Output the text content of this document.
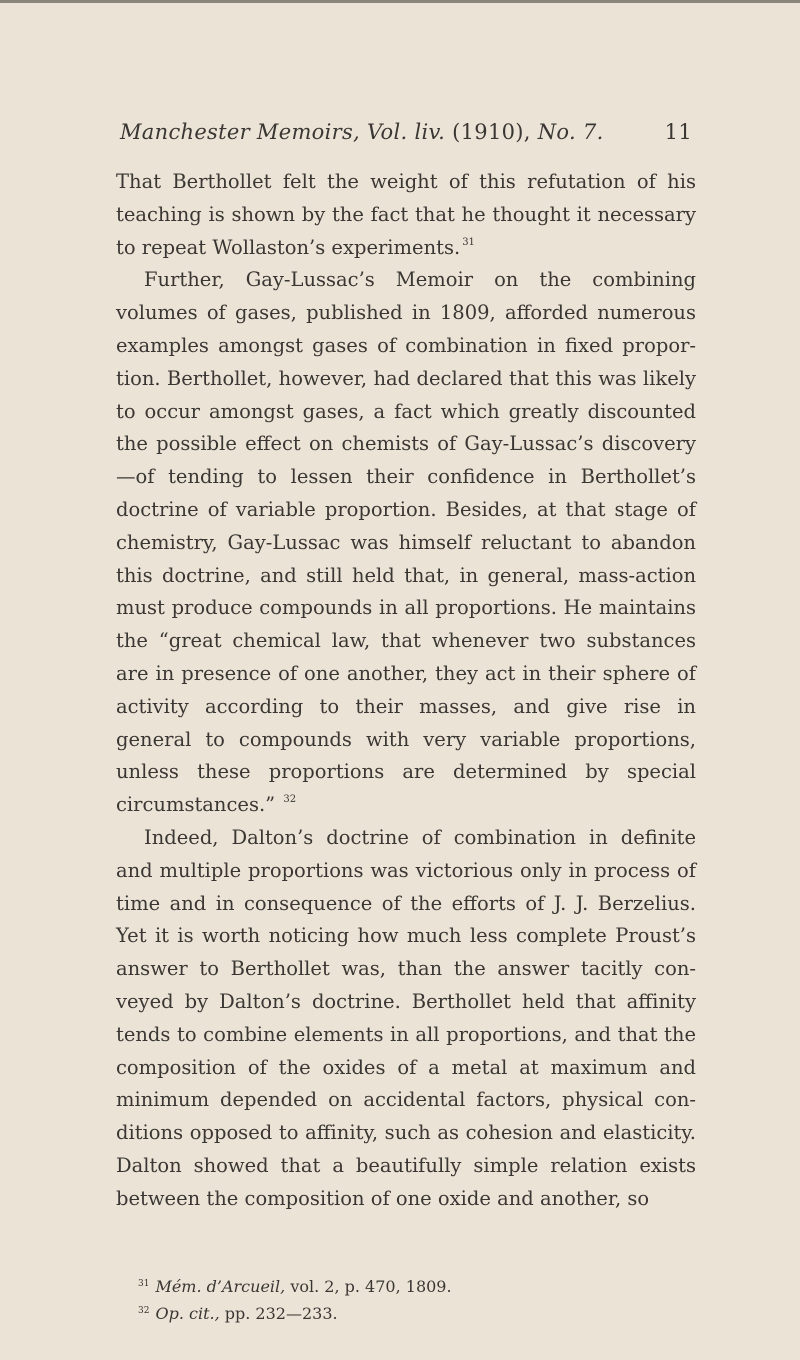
Manchester Memoirs, Vol. liv. (1910), No. 7.	11

That Berthollet felt the weight of this refutation of his teaching is shown by the fact that he thought it necessary to repeat Wollaston’s experiments. $^{31}$

Further, Gay-Lussac’s Memoir on the combining volumes of gases, published in 1809, afforded numerous examples amongst gases of combination in fixed proportion. Berthollet, however, had declared that this was likely to occur amongst gases, a fact which greatly discounted the possible effect on chemists of Gay-Lussac’s discovery—of tending to lessen their confidence in Berthollet’s doctrine of variable proportion. Besides, at that stage of chemistry, Gay-Lussac was himself reluctant to abandon this doctrine, and still held that, in general, mass-action must produce compounds in all proportions. He maintains the “great chemical law, that whenever two substances are in presence of one another, they act in their sphere of activity according to their masses, and give rise in general to compounds with very variable proportions, unless these proportions are determined by special circumstances.” $^{32}$

Indeed, Dalton’s doctrine of combination in definite and multiple proportions was victorious only in process of time and in consequence of the efforts of J. J. Berzelius. Yet it is worth noticing how much less complete Proust’s answer to Berthollet was, than the answer tacitly conveyed by Dalton’s doctrine. Berthollet held that affinity tends to combine elements in all proportions, and that the composition of the oxides of a metal at maximum and minimum depended on accidental factors, physical conditions opposed to affinity, such as cohesion and elasticity. Dalton showed that a beautifully simple relation exists between the composition of one oxide and another, so

$^{31}$ Mém. d’Arcueil, vol. 2, p. 470, 1809.

$^{32}$ Op. cit., pp. 232—233.
